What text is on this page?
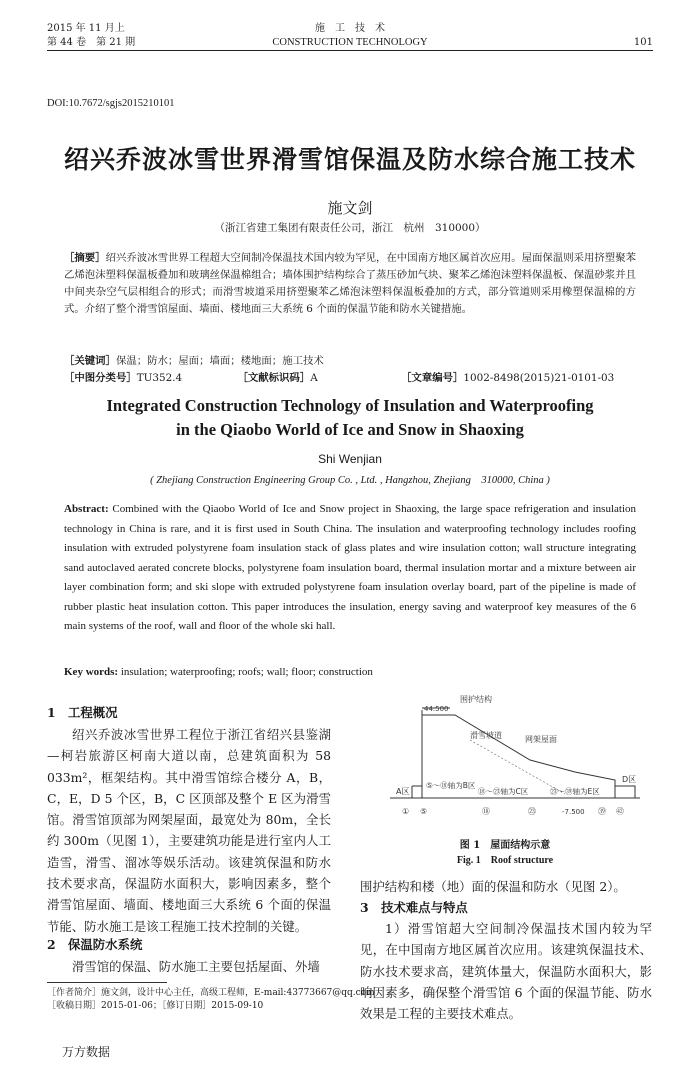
2015 年 11 月上
第 44 卷　第 21 期
施　工　技　术
CONSTRUCTION TECHNOLOGY	101
DOI:10.7672/sgjs2015210101
绍兴乔波冰雪世界滑雪馆保温及防水综合施工技术
施文剑
（浙江省建工集团有限责任公司，浙江　杭州　310000）
［摘要］绍兴乔波冰雪世界工程超大空间制冷保温技术国内较为罕见，在中国南方地区属首次应用。屋面保温则采用挤塑聚苯乙烯泡沫塑料保温板叠加和玻璃丝保温棉组合；墙体围护结构综合了蒸压砂加气块、聚苯乙烯泡沫塑料保温板、保温砂浆并且中间夹杂空气层相组合的形式；而滑雪坡道采用挤塑聚苯乙烯泡沫塑料保温板叠加的方式，部分管道则采用橡塑保温棉的方式。介绍了整个滑雪馆屋面、墙面、楼地面三大系统 6 个面的保温节能和防水关键措施。
［关键词］保温；防水；屋面；墙面；楼地面；施工技术
［中图分类号］TU352.4	［文献标识码］A	［文章编号］1002-8498(2015)21-0101-03
Integrated Construction Technology of Insulation and Waterproofing
in the Qiaobo World of Ice and Snow in Shaoxing
Shi Wenjian
( Zhejiang Construction Engineering Group Co. , Ltd. , Hangzhou, Zhejiang　310000, China )
Abstract: Combined with the Qiaobo World of Ice and Snow project in Shaoxing, the large space refrigeration and insulation technology in China is rare, and it is first used in South China. The insulation and waterproofing technology includes roofing insulation with extruded polystyrene foam insulation stack of glass plates and wire insulation cotton; wall structure integrating sand autoclaved aerated concrete blocks, polystyrene foam insulation board, thermal insulation mortar and a mixture between air layer combination form; and ski slope with extruded polystyrene foam insulation overlay board, part of the pipeline is made of rubber plastic heat insulation cotton. This paper introduces the insulation, energy saving and waterproof key measures of the 6 main systems of the roof, wall and floor of the whole ski hall.
Key words: insulation; waterproofing; roofs; wall; floor; construction
1　工程概况
绍兴乔波冰雪世界工程位于浙江省绍兴县鉴湖—柯岩旅游区柯南大道以南，总建筑面积为 58 033m²，框架结构。其中滑雪馆综合楼分 A，B，C，E，D 5 个区，B，C 区顶部及整个 E 区为滑雪馆。滑雪馆顶部为网架屋面，最宽处为 80m，全长约 300m（见图 1），主要建筑功能是进行室内人工造雪，滑雪、溜冰等娱乐活动。该建筑保温和防水技术要求高，保温防水面积大，影响因素多，整个滑雪馆屋面、墙面、楼地面三大系统 6 个面的保温节能、防水施工是该工程施工技术控制的关键。
2　保温防水系统
滑雪馆的保温、防水施工主要包括屋面、外墙
［作者简介］施文剑，设计中心主任，高级工程师，E-mail:43773667@qq.com
［收稿日期］2015-01-06；［修订日期］2015-09-10
围护结构
44.500
滑雪坡道	网架屋面
A区
⑤～⑱轴为B区
⑱～㉓轴为C区	㉓～㊴轴为E区
D区
-7.500
① ⑤	⑱	㉓	㊴ ㊷
图 1　屋面结构示意
Fig. 1　Roof structure
围护结构和楼（地）面的保温和防水（见图 2）。
3　技术难点与特点
1）滑雪馆超大空间制冷保温技术国内较为罕见，在中国南方地区属首次应用。该建筑保温技术、防水技术要求高，建筑体量大，保温防水面积大，影响因素多，确保整个滑雪馆 6 个面的保温节能、防水效果是工程的主要技术难点。
万方数据
